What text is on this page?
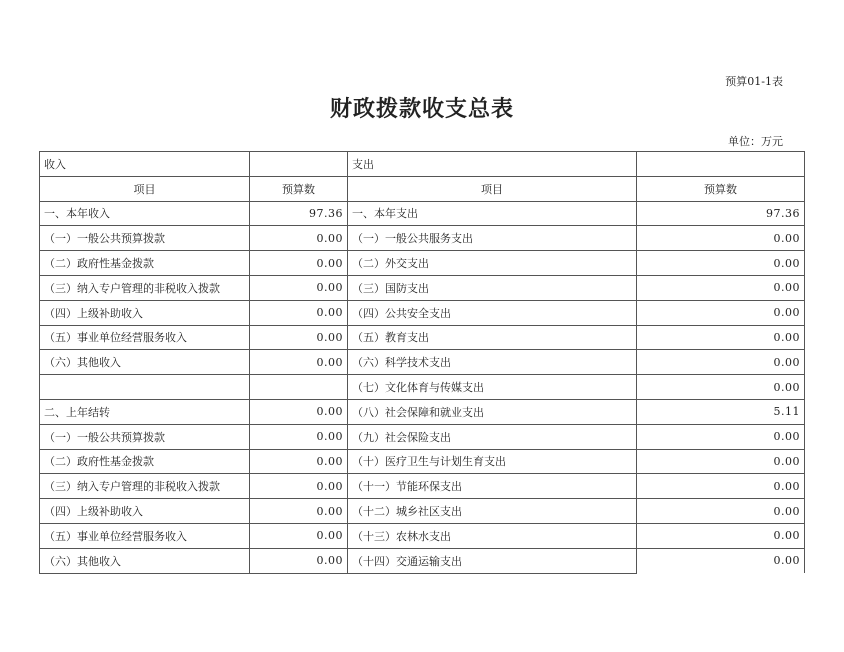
预算01-1表
财政拨款收支总表
单位：万元
收入		支出	
项目	预算数	项目	预算数
一、本年收入	97.36	一、本年支出	97.36
（一）一般公共预算拨款	0.00	（一）一般公共服务支出	0.00
（二）政府性基金拨款	0.00	（二）外交支出	0.00
（三）纳入专户管理的非税收入拨款	0.00	（三）国防支出	0.00
（四）上级补助收入	0.00	（四）公共安全支出	0.00
（五）事业单位经营服务收入	0.00	（五）教育支出	0.00
（六）其他收入	0.00	（六）科学技术支出	0.00
		（七）文化体育与传媒支出	0.00
二、上年结转	0.00	（八）社会保障和就业支出	5.11
（一）一般公共预算拨款	0.00	（九）社会保险支出	0.00
（二）政府性基金拨款	0.00	（十）医疗卫生与计划生育支出	0.00
（三）纳入专户管理的非税收入拨款	0.00	（十一）节能环保支出	0.00
（四）上级补助收入	0.00	（十二）城乡社区支出	0.00
（五）事业单位经营服务收入	0.00	（十三）农林水支出	0.00
（六）其他收入	0.00	（十四）交通运输支出	0.00
